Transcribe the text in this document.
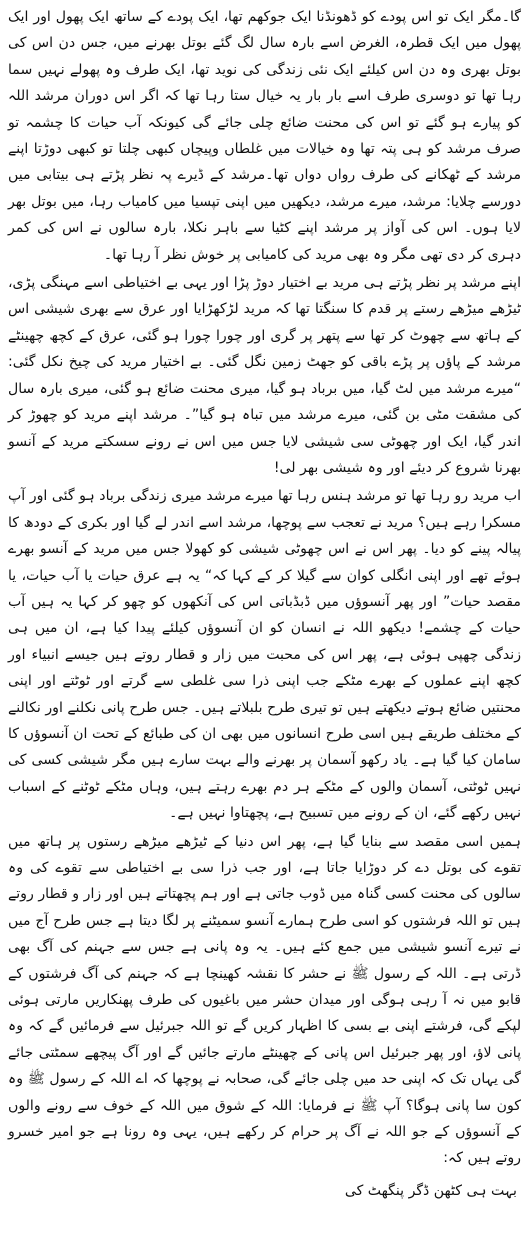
گا۔مگر ایک تو اس پودے کو ڈھونڈنا ایک جوکھم تھا، ایک پودے کے ساتھ ایک پھول اور ایک پھول میں ایک قطرہ، الغرض اسے بارہ سال لگ گئے بوتل بھرنے میں، جس دن اس کی بوتل بھری وہ دن اس کیلئے ایک نئی زندگی کی نوید تھا، ایک طرف وہ پھولے نہیں سما رہا تھا تو دوسری طرف اسے بار بار یہ خیال ستا رہا تھا کہ اگر اس دوران مرشد اللہ کو پیارے ہو گئے تو اس کی محنت ضائع چلی جائے گی کیونکہ آب حیات کا چشمہ تو صرف مرشد کو ہی پتہ تھا وہ خیالات میں غلطاں وپیچاں کبھی چلتا تو کبھی دوڑتا اپنے مرشد کے ٹھکانے کی طرف رواں دواں تھا۔مرشد کے ڈیرے پہ نظر پڑتے ہی بیتابی میں دورسے چلایا: مرشد، میرے مرشد، دیکھیں میں اپنی تپسیا میں کامیاب رہا، میں بوتل بھر لایا ہوں۔ اس کی آواز پر مرشد اپنے کٹیا سے باہر نکلا، بارہ سالوں نے اس کی کمر دہری کر دی تھی مگر وہ بھی مرید کی کامیابی پر خوش نظر آ رہا تھا۔

اپنے مرشد پر نظر پڑتے ہی مرید بے اختیار دوڑ پڑا اور یہی بے اختیاطی اسے مہنگی پڑی، ٹیڑھے میڑھے رستے پر قدم کا سنگتا تھا کہ مرید لڑکھڑایا اور عرق سے بھری شیشی اس کے ہاتھ سے چھوٹ کر تھا سے پتھر پر گری اور چورا چورا ہو گئی، عرق کے کچھ چھینٹے مرشد کے پاؤں پر پڑے باقی کو جھٹ زمین نگل گئی۔ بے اختیار مرید کی چیخ نکل گئی: “میرے مرشد میں لٹ گیا، میں برباد ہو گیا، میری محنت ضائع ہو گئی، میری بارہ سال کی مشقت مٹی بن گئی، میرے مرشد میں تباہ ہو گیا”۔ مرشد اپنے مرید کو چھوڑ کر اندر گیا، ایک اور چھوٹی سی شیشی لایا جس میں اس نے رونے سسکتے مرید کے آنسو بھرنا شروع کر دیئے اور وہ شیشی بھر لی!

اب مرید رو رہا تھا تو مرشد ہنس رہا تھا میرے مرشد میری زندگی برباد ہو گئی اور آپ مسکرا رہے ہیں؟ مرید نے تعجب سے پوچھا، مرشد اسے اندر لے گیا اور بکری کے دودھ کا پیالہ پینے کو دیا۔ پھر اس نے اس چھوٹی شیشی کو کھولا جس میں مرید کے آنسو بھرے ہوئے تھے اور اپنی انگلی کوان سے گیلا کر کے کہا کہ“ یہ ہے عرق حیات یا آب حیات، یا مقصد حیات” اور پھر آنسوؤں میں ڈبڈباتی اس کی آنکھوں کو چھو کر کہا یہ ہیں آب حیات کے چشمے! دیکھو اللہ نے انسان کو ان آنسوؤں کیلئے پیدا کیا ہے، ان میں ہی زندگی چھپی ہوئی ہے، پھر اس کی محبت میں زار و قطار روتے ہیں جیسے انبیاء اور کچھ اپنے عملوں کے بھرے مٹکے جب اپنی ذرا سی غلطی سے گرتے اور ٹوٹتے اور اپنی محنتیں ضائع ہوتے دیکھتے ہیں تو تیری طرح بلبلاتے ہیں۔ جس طرح پانی نکلنے اور نکالنے کے مختلف طریقے ہیں اسی طرح انسانوں میں بھی ان کی طبائع کے تحت ان آنسوؤں کا سامان کیا گیا ہے۔ یاد رکھو آسمان پر بھرنے والے بہت سارے ہیں مگر شیشی کسی کی نہیں ٹوٹتی، آسمان والوں کے مٹکے ہر دم بھرے رہتے ہیں، وہاں مٹکے ٹوٹنے کے اسباب نہیں رکھے گئے، ان کے رونے میں تسبیح ہے، پچھتاوا نہیں ہے۔

ہمیں اسی مقصد سے بنایا گیا ہے، پھر اس دنیا کے ٹیڑھے میڑھے رستوں پر ہاتھ میں تقوے کی بوتل دے کر دوڑایا جاتا ہے، اور جب ذرا سی بے اختیاطی سے تقوے کی وہ سالوں کی محنت کسی گناہ میں ڈوب جاتی ہے اور ہم پچھتاتے ہیں اور زار و قطار روتے ہیں تو اللہ فرشتوں کو اسی طرح ہمارے آنسو سمیٹنے پر لگا دیتا ہے جس طرح آج میں نے تیرے آنسو شیشی میں جمع کئے ہیں۔ یہ وہ پانی ہے جس سے جہنم کی آگ بھی ڈرتی ہے۔ اللہ کے رسول ﷺ نے حشر کا نقشہ کھینچا ہے کہ جہنم کی آگ فرشتوں کے قابو میں نہ آ رہی ہوگی اور میدان حشر میں باغیوں کی طرف پھنکاریں مارتی ہوئی لپکے گی، فرشتے اپنی بے بسی کا اظہار کریں گے تو اللہ جبرئیل سے فرمائیں گے کہ وہ پانی لاؤ، اور پھر جبرئیل اس پانی کے چھینٹے مارتے جائیں گے اور آگ پیچھے سمٹتی جائے گی یہاں تک کہ اپنی حد میں چلی جائے گی، صحابہ نے پوچھا کہ اے اللہ کے رسول ﷺ وہ کون سا پانی ہوگا؟ آپ ﷺ نے فرمایا: اللہ کے شوق میں اللہ کے خوف سے رونے والوں کے آنسوؤں کے جو اللہ نے آگ پر حرام کر رکھے ہیں، یہی وہ رونا ہے جو امیر خسرو روتے ہیں کہ:

بہت ہی کٹھن ڈگر پنگھٹ کی
